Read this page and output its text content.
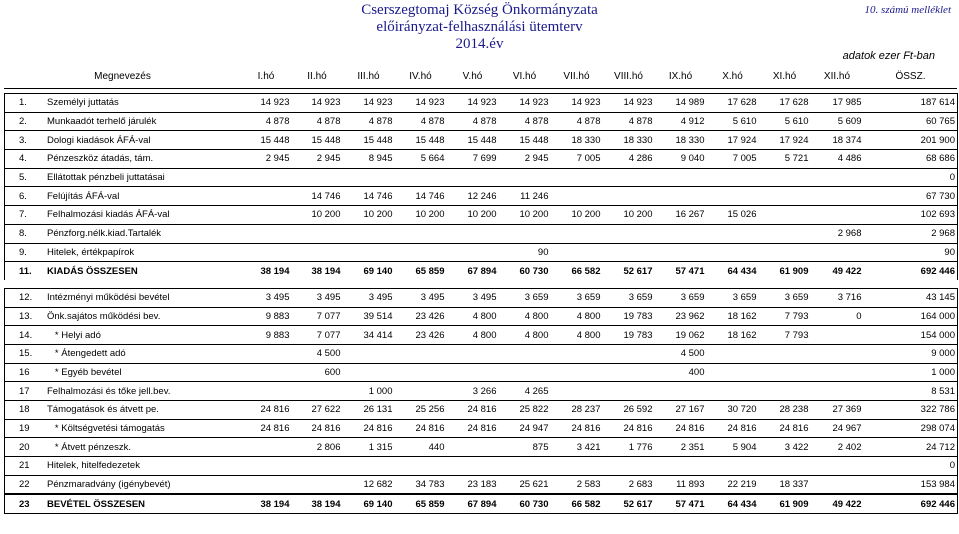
Cserszegtomaj Község Önkormányzata
előirányzat-felhasználási ütemterv
2014.év
10. számú melléklet
adatok ezer Ft-ban
Megnevezés	I.hó	II.hó	III.hó	IV.hó	V.hó	VI.hó	VII.hó	VIII.hó	IX.hó	X.hó	XI.hó	XII.hó	ÖSSZ.

1. Személyi juttatás	14 923	14 923	14 923	14 923	14 923	14 923	14 923	14 923	14 989	17 628	17 628	17 985	187 614
2. Munkaadót terhelő járulék	4 878	4 878	4 878	4 878	4 878	4 878	4 878	4 878	4 912	5 610	5 610	5 609	60 765
3. Dologi kiadások ÁFÁ-val	15 448	15 448	15 448	15 448	15 448	15 448	18 330	18 330	18 330	17 924	17 924	18 374	201 900
4. Pénzeszköz átadás, tám.	2 945	2 945	8 945	5 664	7 699	2 945	7 005	4 286	9 040	7 005	5 721	4 486	68 686
5. Ellátottak pénzbeli juttatásai													0
6. Felújítás ÁFÁ-val		14 746	14 746	14 746	12 246	11 246							67 730
7. Felhalmozási kiadás ÁFÁ-val		10 200	10 200	10 200	10 200	10 200	10 200	10 200	16 267	15 026			102 693
8. Pénzforg.nélk.kiad.Tartalék												2 968	2 968
9. Hitelek, értékpapírok						90							90
11. KIADÁS ÖSSZESEN	38 194	38 194	69 140	65 859	67 894	60 730	66 582	52 617	57 471	64 434	61 909	49 422	692 446

12. Intézményi működési bevétel	3 495	3 495	3 495	3 495	3 495	3 659	3 659	3 659	3 659	3 659	3 659	3 716	43 145
13. Önk.sajátos működési bev.	9 883	7 077	39 514	23 426	4 800	4 800	4 800	19 783	23 962	18 162	7 793	0	164 000
14.   * Helyi adó	9 883	7 077	34 414	23 426	4 800	4 800	4 800	19 783	19 062	18 162	7 793		154 000
15.   * Átengedett adó		4 500							4 500				9 000
16   * Egyéb bevétel		600							400				1 000
17 Felhalmozási és tőke jell.bev.			1 000		3 266	4 265							8 531
18 Támogatások és átvett pe.	24 816	27 622	26 131	25 256	24 816	25 822	28 237	26 592	27 167	30 720	28 238	27 369	322 786
19   * Költségvetési támogatás	24 816	24 816	24 816	24 816	24 816	24 947	24 816	24 816	24 816	24 816	24 816	24 967	298 074
20   * Átvett pénzeszk.		2 806	1 315	440		875	3 421	1 776	2 351	5 904	3 422	2 402	24 712
21 Hitelek, hitelfedezetek													0
22 Pénzmaradvány (igénybevét)			12 682	34 783	23 183	25 621	2 583	2 683	11 893	22 219	18 337		153 984
23 BEVÉTEL ÖSSZESEN	38 194	38 194	69 140	65 859	67 894	60 730	66 582	52 617	57 471	64 434	61 909	49 422	692 446
